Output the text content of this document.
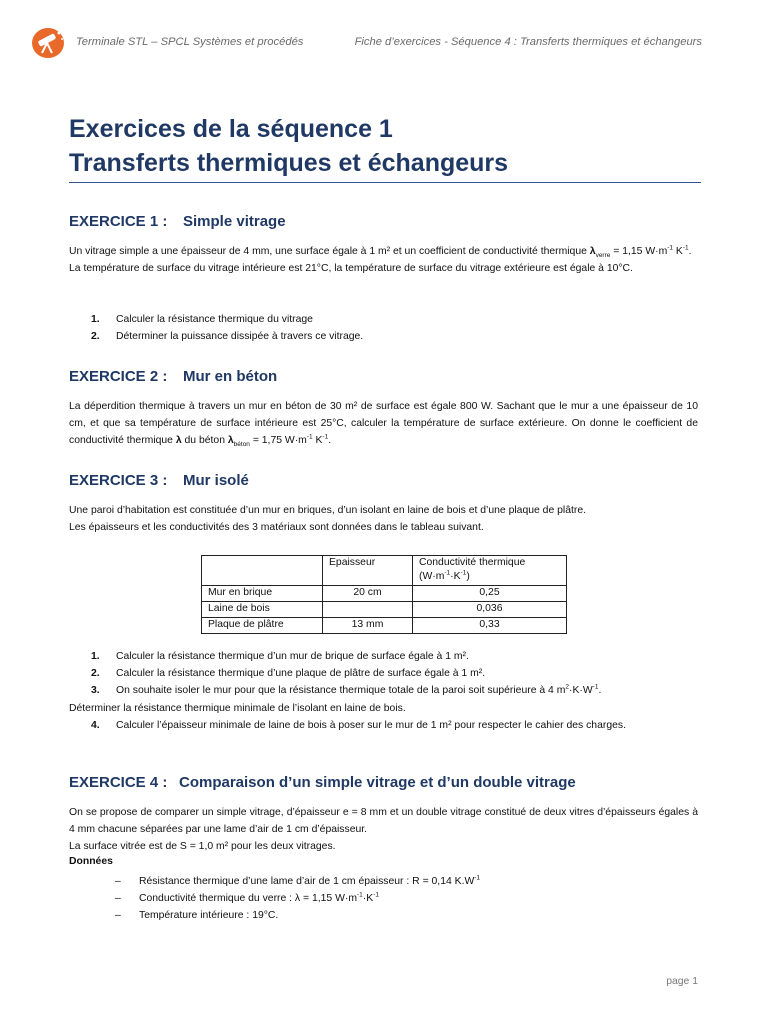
Terminale STL – SPCL Systèmes et procédés	Fiche d’exercices - Séquence 4 : Transferts thermiques et échangeurs
Exercices de la séquence 1
Transferts thermiques et échangeurs
EXERCICE 1 : Simple vitrage

Un vitrage simple a une épaisseur de 4 mm, une surface égale à 1 m² et un coefficient de conductivité thermique $\lambda_{verre} = 1,15$ $W\cdot m^{-1}$ $K^{-1}$.

La température de surface du vitrage intérieure est 21°C, la température de surface du vitrage extérieure est égale à 10°C.

1. Calculer la résistance thermique du vitrage
2. Déterminer la puissance dissipée à travers ce vitrage.
EXERCICE 2 : Mur en béton

La déperdition thermique à travers un mur en béton de 30 m² de surface est égale 800 W. Sachant que le mur a une épaisseur de 10 cm, et que sa température de surface intérieure est 25°C, calculer la température de surface extérieure. On donne le coefficient de conductivité thermique λ du béton $\lambda_{béton} = 1,75$ $W\cdot m^{-1}$ $K^{-1}$.

EXERCICE 3 : Mur isolé

Une paroi d’habitation est constituée d’un mur en briques, d’un isolant en laine de bois et d’une plaque de plâtre.

Les épaisseurs et les conductivités des 3 matériaux sont données dans le tableau suivant.

	Epaisseur	Conductivité thermique
$(W\cdot m^{-1}\cdot K^{-1})$
Mur en brique	20 cm	0,25
Laine de bois		0,036
Plaque de plâtre	13 mm	0,33
1. Calculer la résistance thermique d’un mur de brique de surface égale à 1 m².
2. Calculer la résistance thermique d’une plaque de plâtre de surface égale à 1 m².
3. On souhaite isoler le mur pour que la résistance thermique totale de la paroi soit supérieure à 4 $m^2\cdot K\cdot W^{-1}$.
Déterminer la résistance thermique minimale de l’isolant en laine de bois.
4. Calculer l’épaisseur minimale de laine de bois à poser sur le mur de 1 m² pour respecter le cahier des charges.
EXERCICE 4 : Comparaison d’un simple vitrage et d’un double vitrage

On se propose de comparer un simple vitrage, d’épaisseur e = 8 mm et un double vitrage constitué de deux vitres d’épaisseurs égales à 4 mm chacune séparées par une lame d’air de 1 cm d’épaisseur.

La surface vitrée est de S = 1,0 m² pour les deux vitrages.

Données
– Résistance thermique d’une lame d’air de 1 cm épaisseur : R = 0,14 $K.W^{-1}$
– Conductivité thermique du verre : λ = 1,15 $W\cdot m^{-1}\cdot K^{-1}$
– Température intérieure : 19°C.
page 1
